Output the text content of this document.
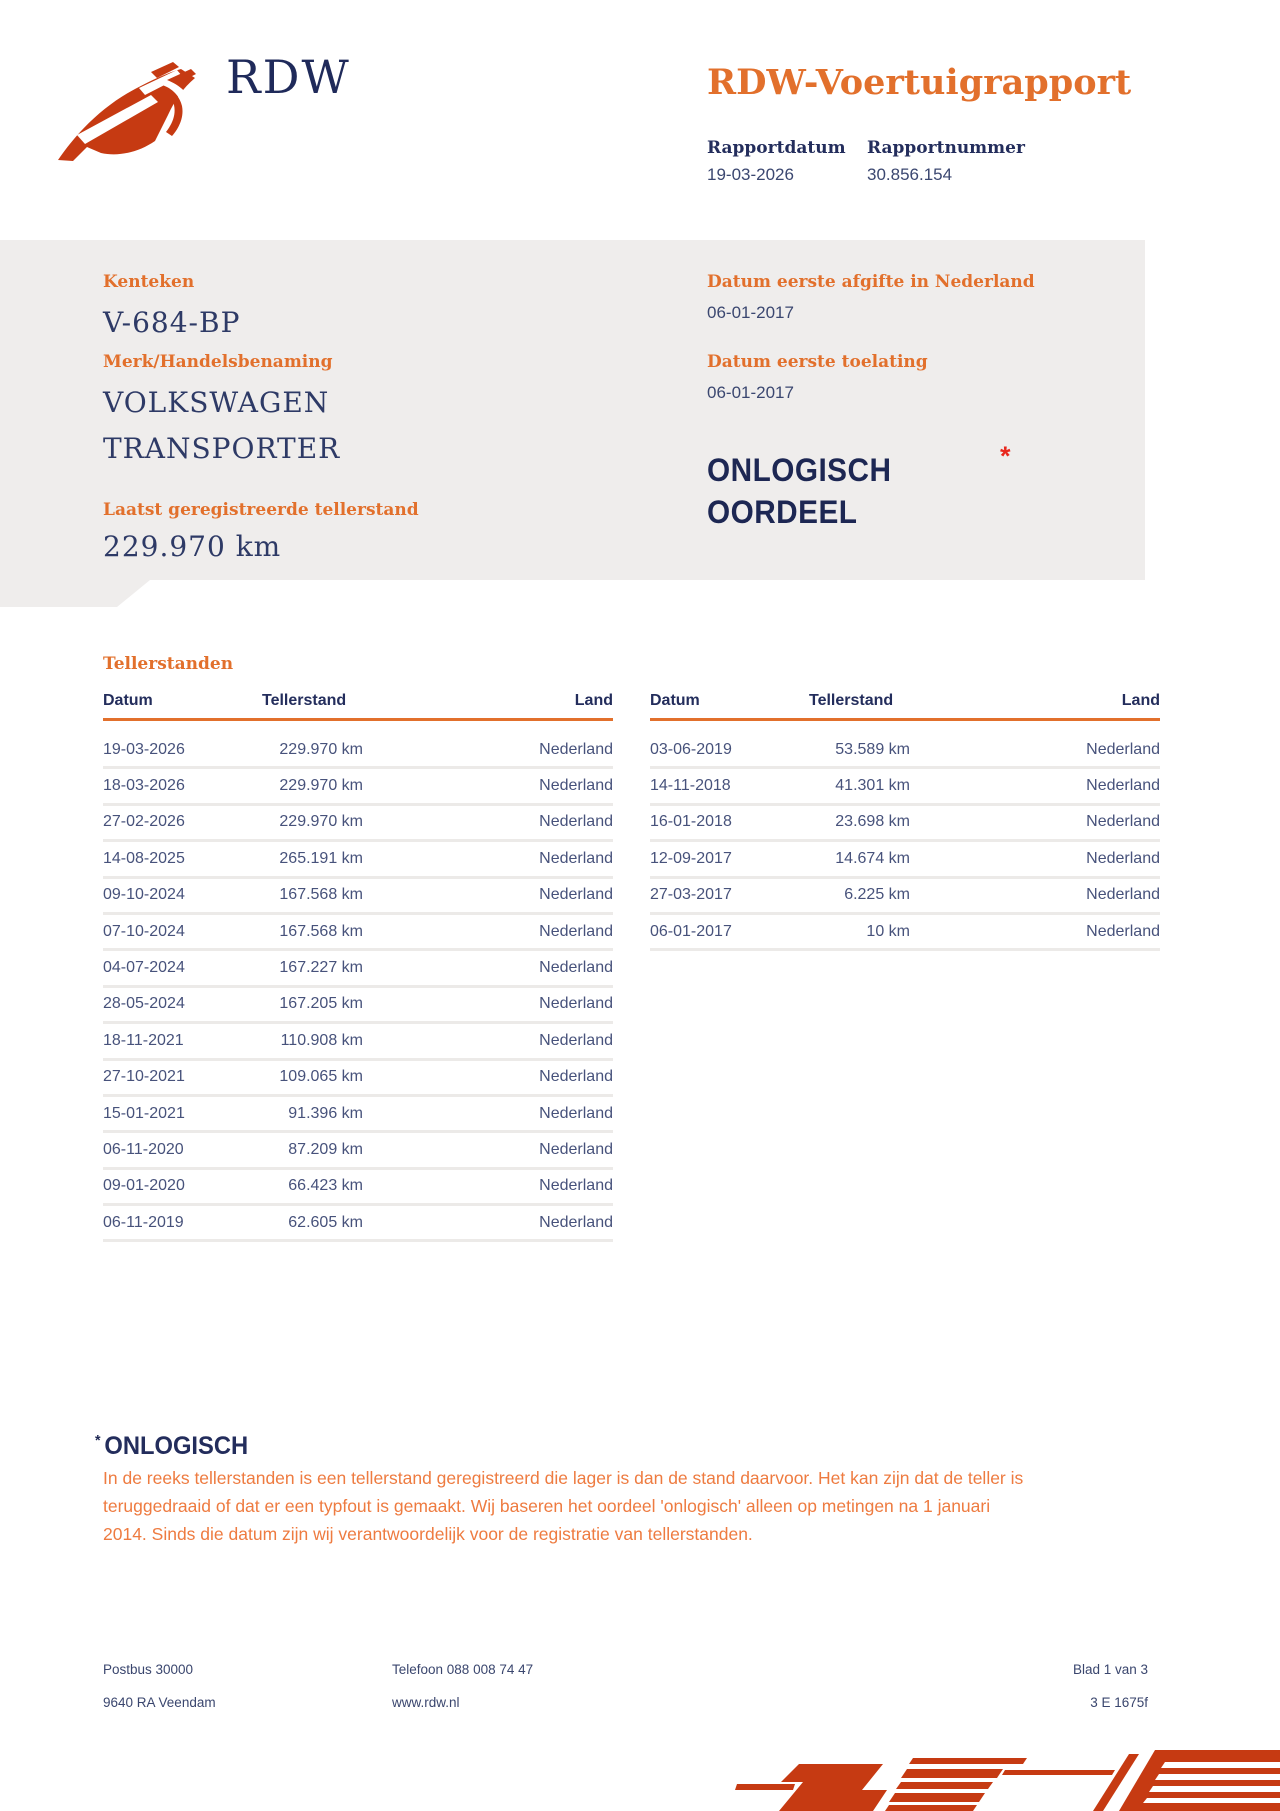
RDW	RDW-Voertuigrapport
Rapportdatum Rapportnummer
19-03-2026	30.856.154
Kenteken
V-684-BP
Merk/Handelsbenaming
VOLKSWAGEN
TRANSPORTER
Laatst geregistreerde tellerstand
229.970 km
Datum eerste afgifte in Nederland
06-01-2017
Datum eerste toelating
06-01-2017
ONLOGISCH
OORDEEL
*
Tellerstanden
Datum	Tellerstand	Land
19-03-2026	229.970 km	Nederland
18-03-2026	229.970 km	Nederland
27-02-2026	229.970 km	Nederland
14-08-2025	265.191 km	Nederland
09-10-2024	167.568 km	Nederland
07-10-2024	167.568 km	Nederland
04-07-2024	167.227 km	Nederland
28-05-2024	167.205 km	Nederland
18-11-2021	110.908 km	Nederland
27-10-2021	109.065 km	Nederland
15-01-2021	91.396 km	Nederland
06-11-2020	87.209 km	Nederland
09-01-2020	66.423 km	Nederland
06-11-2019	62.605 km	Nederland
Datum	Tellerstand	Land
03-06-2019	53.589 km	Nederland
14-11-2018	41.301 km	Nederland
16-01-2018	23.698 km	Nederland
12-09-2017	14.674 km	Nederland
27-03-2017	6.225 km	Nederland
06-01-2017	10 km	Nederland
* ONLOGISCH
In de reeks tellerstanden is een tellerstand geregistreerd die lager is dan de stand daarvoor. Het kan zijn dat de teller is teruggedraaid of dat er een typfout is gemaakt. Wij baseren het oordeel 'onlogisch' alleen op metingen na 1 januari 2014. Sinds die datum zijn wij verantwoordelijk voor de registratie van tellerstanden.
Postbus 30000
9640 RA Veendam
Telefoon 088 008 74 47
www.rdw.nl
Blad 1 van 3
3 E 1675f
